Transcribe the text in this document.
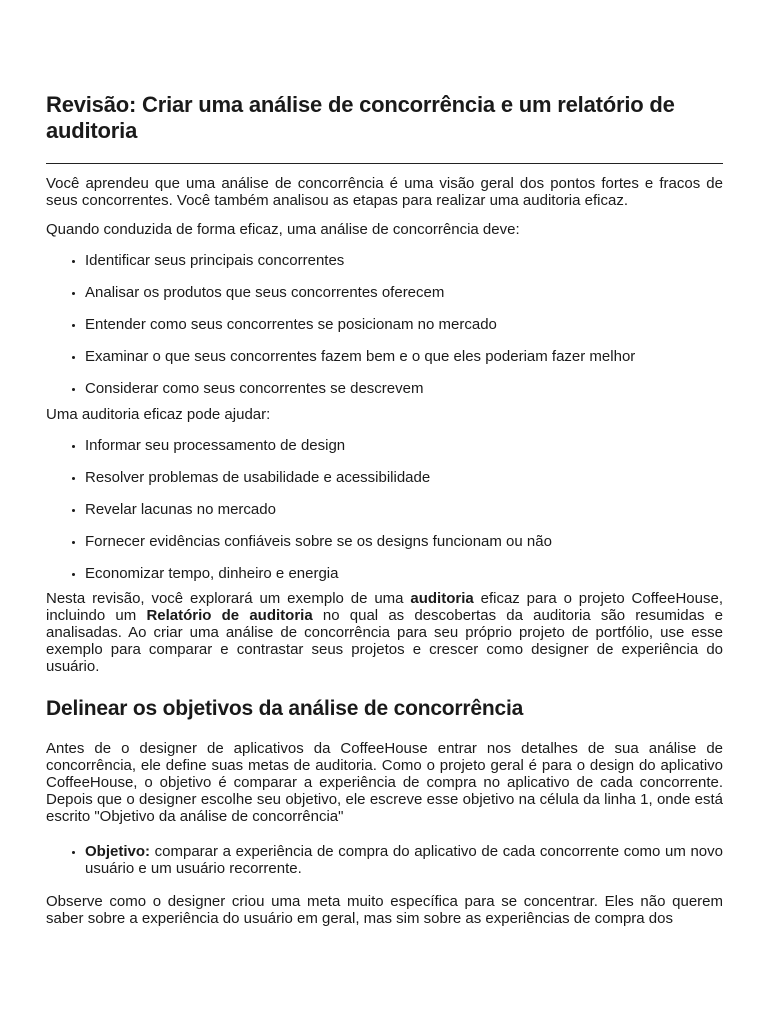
Revisão: Criar uma análise de concorrência e um relatório de auditoria

Você aprendeu que uma análise de concorrência é uma visão geral dos pontos fortes e fracos de seus concorrentes. Você também analisou as etapas para realizar uma auditoria eficaz.

Quando conduzida de forma eficaz, uma análise de concorrência deve:

• Identificar seus principais concorrentes
• Analisar os produtos que seus concorrentes oferecem
• Entender como seus concorrentes se posicionam no mercado
• Examinar o que seus concorrentes fazem bem e o que eles poderiam fazer melhor
• Considerar como seus concorrentes se descrevem

Uma auditoria eficaz pode ajudar:

• Informar seu processamento de design
• Resolver problemas de usabilidade e acessibilidade
• Revelar lacunas no mercado
• Fornecer evidências confiáveis sobre se os designs funcionam ou não
• Economizar tempo, dinheiro e energia

Nesta revisão, você explorará um exemplo de uma auditoria eficaz para o projeto CoffeeHouse, incluindo um Relatório de auditoria no qual as descobertas da auditoria são resumidas e analisadas. Ao criar uma análise de concorrência para seu próprio projeto de portfólio, use esse exemplo para comparar e contrastar seus projetos e crescer como designer de experiência do usuário.

Delinear os objetivos da análise de concorrência

Antes de o designer de aplicativos da CoffeeHouse entrar nos detalhes de sua análise de concorrência, ele define suas metas de auditoria. Como o projeto geral é para o design do aplicativo CoffeeHouse, o objetivo é comparar a experiência de compra no aplicativo de cada concorrente. Depois que o designer escolhe seu objetivo, ele escreve esse objetivo na célula da linha 1, onde está escrito "Objetivo da análise de concorrência"

• Objetivo: comparar a experiência de compra do aplicativo de cada concorrente como um novo usuário e um usuário recorrente.

Observe como o designer criou uma meta muito específica para se concentrar. Eles não querem saber sobre a experiência do usuário em geral, mas sim sobre as experiências de compra dos
